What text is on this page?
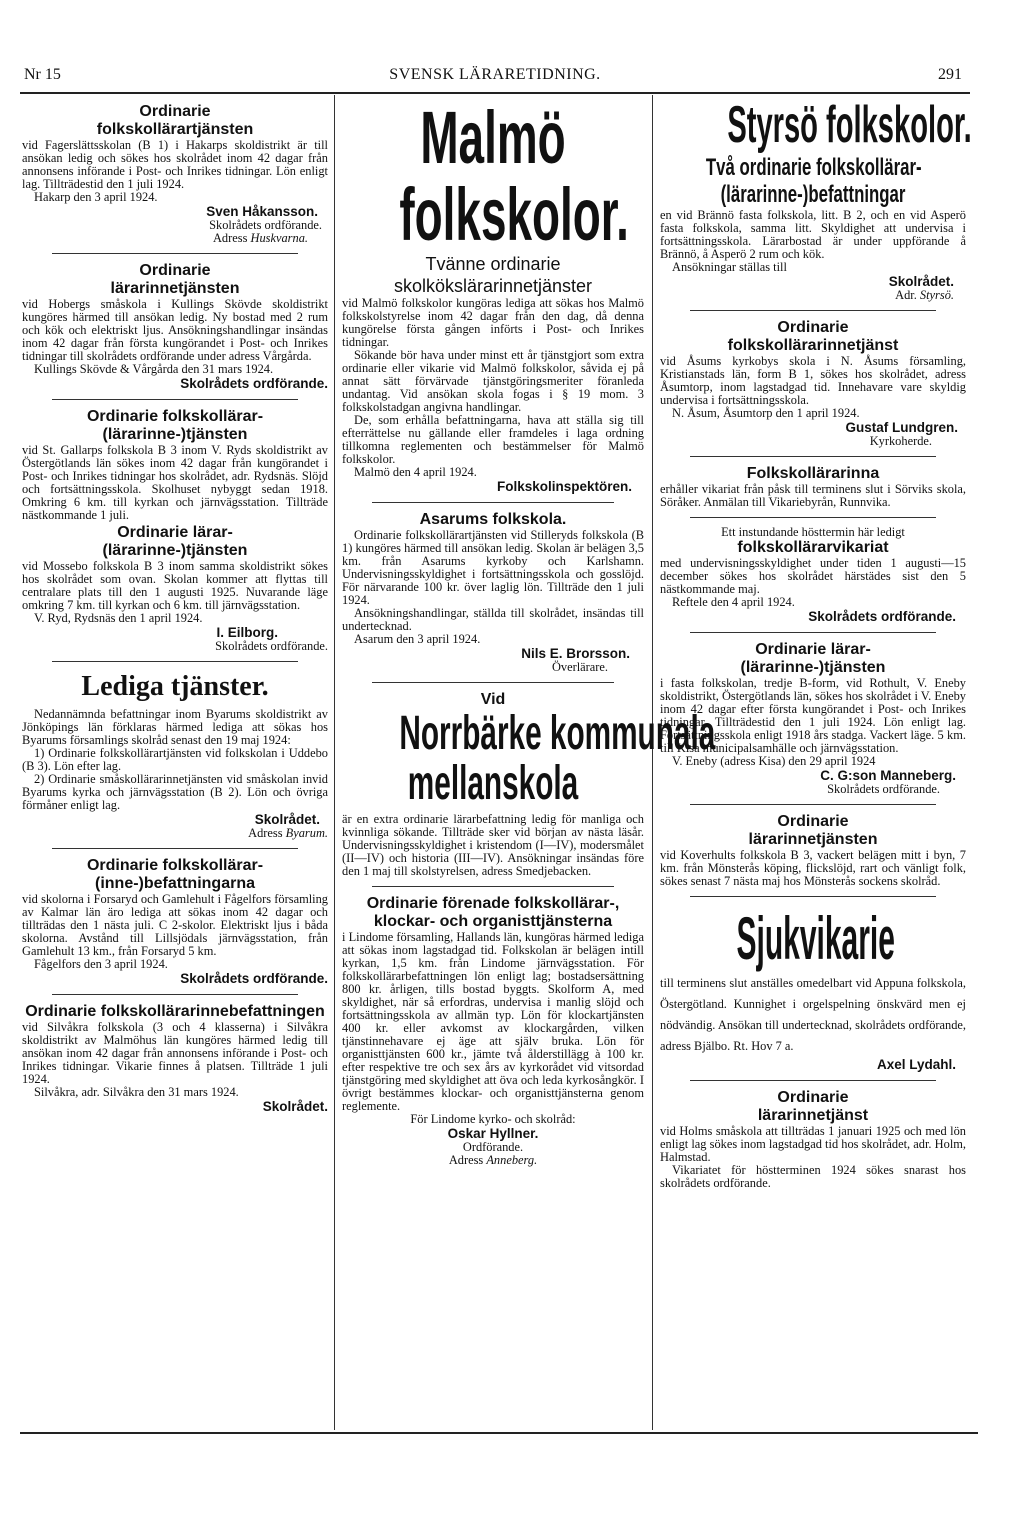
Nr 15	SVENSK LÄRARETIDNING.	291
Ordinarie folkskollärartjänsten

vid Fagerslättsskolan (B 1) i Hakarps skoldistrikt är till ansökan ledig och sökes hos skolrådet inom 42 dagar från annonsens införande i Post- och Inrikes tidningar. Lön enligt lag. Tillträdestid den 1 juli 1924.

Hakarp den 3 april 1924.

Sven Håkansson.
Skolrådets ordförande.
Adress Huskvarna.
Ordinarie lärarinnetjänsten

vid Hobergs småskola i Kullings Skövde skoldistrikt kungöres härmed till ansökan ledig. Ny bostad med 2 rum och kök och elektriskt ljus. Ansökningshandlingar insändas inom 42 dagar från första kungörandet i Post- och Inrikes tidningar till skolrådets ordförande under adress Vårgårda.

Kullings Skövde & Vårgårda den 31 mars 1924.

Skolrådets ordförande.
Ordinarie folkskollärar-(lärarinne-)tjänsten

vid St. Gallarps folkskola B 3 inom V. Ryds skoldistrikt av Östergötlands län sökes inom 42 dagar från kungörandet i Post- och Inrikes tidningar hos skolrådet, adr. Rydsnäs. Slöjd och fortsättningsskola. Skolhuset nybyggt sedan 1918. Omkring 6 km. till kyrkan och järnvägsstation. Tillträde nästkommande 1 juli.

Ordinarie lärar-(lärarinne-)tjänsten

vid Mossebo folkskola B 3 inom samma skoldistrikt sökes hos skolrådet som ovan. Skolan kommer att flyttas till centralare plats till den 1 augusti 1925. Nuvarande läge omkring 7 km. till kyrkan och 6 km. till järnvägsstation.

V. Ryd, Rydsnäs den 1 april 1924.

I. Eilborg.
Skolrådets ordförande.
Lediga tjänster.

Nedannämnda befattningar inom Byarums skoldistrikt av Jönköpings län förklaras härmed lediga att sökas hos Byarums församlings skolråd senast den 19 maj 1924:

1) Ordinarie folkskollärartjänsten vid folkskolan i Uddebo (B 3). Lön efter lag.

2) Ordinarie småskollärarinnetjänsten vid småskolan invid Byarums kyrka och järnvägsstation (B 2). Lön och övriga förmåner enligt lag.

Skolrådet.
Adress Byarum.
Ordinarie folkskollärar-(inne-)befattningarna

vid skolorna i Forsaryd och Gamlehult i Fågelfors församling av Kalmar län äro lediga att sökas inom 42 dagar och tillträdas den 1 nästa juli. C 2-skolor. Elektriskt ljus i båda skolorna. Avstånd till Lillsjödals järnvägsstation, från Gamlehult 13 km., från Forsaryd 5 km.

Fågelfors den 3 april 1924.

Skolrådets ordförande.
Ordinarie folkskollärarinnebefattningen

vid Silvåkra folkskola (3 och 4 klasserna) i Silvåkra skoldistrikt av Malmöhus län kungöres härmed ledig till ansökan inom 42 dagar från annonsens införande i Post- och Inrikes tidningar. Vikarie finnes å platsen. Tillträde 1 juli 1924.

Silvåkra, adr. Silvåkra den 31 mars 1924.

Skolrådet.
Malmö
folkskolor.
Tvänne ordinarie skolkökslärarinnetjänster

vid Malmö folkskolor kungöras lediga att sökas hos Malmö folkskolstyrelse inom 42 dagar från den dag, då denna kungörelse första gången införts i Post- och Inrikes tidningar.

Sökande bör hava under minst ett år tjänstgjort som extra ordinarie eller vikarie vid Malmö folkskolor, såvida ej på annat sätt förvärvade tjänstgöringsmeriter föranleda undantag. Vid ansökan skola fogas i § 19 mom. 3 folkskolstadgan angivna handlingar.

De, som erhålla befattningarna, hava att ställa sig till efterrättelse nu gällande eller framdeles i laga ordning tillkomna reglementen och bestämmelser för Malmö folkskolor.

Malmö den 4 april 1924.

Folkskolinspektören.
Asarums folkskola.

Ordinarie folkskollärartjänsten vid Stilleryds folkskola (B 1) kungöres härmed till ansökan ledig. Skolan är belägen 3,5 km. från Asarums kyrkoby och Karlshamn. Undervisningsskyldighet i fortsättningsskola och gosslöjd. För närvarande 100 kr. över laglig lön. Tillträde den 1 juli 1924.

Ansökningshandlingar, ställda till skolrådet, insändas till undertecknad.

Asarum den 3 april 1924.

Nils E. Brorsson.
Överlärare.
Vid
Norrbärke kommunala
mellanskola

är en extra ordinarie lärarbefattning ledig för manliga och kvinnliga sökande. Tillträde sker vid början av nästa läsår. Undervisningsskyldighet i kristendom (I—IV), modersmålet (II—IV) och historia (III—IV). Ansökningar insändas före den 1 maj till skolstyrelsen, adress Smedjebacken.

Ordinarie förenade folkskollärar-, klockar- och organisttjänsterna

i Lindome församling, Hallands län, kungöras härmed lediga att sökas inom lagstadgad tid. Folkskolan är belägen intill kyrkan, 1,5 km. från Lindome järnvägsstation. För folkskollärarbefattningen lön enligt lag; bostadsersättning 800 kr. årligen, tills bostad byggts. Skolform A, med skyldighet, när så erfordras, undervisa i manlig slöjd och fortsättningsskola av allmän typ. Lön för klockartjänsten 400 kr. eller avkomst av klockargården, vilken tjänstinnehavare ej äge att själv bruka. Lön för organisttjänsten 600 kr., jämte två ålderstillägg à 100 kr. efter respektive tre och sex års av kyrkorådet vid vitsordad tjänstgöring med skyldighet att öva och leda kyrkosångkör. I övrigt bestämmes klockar- och organisttjänsterna genom reglemente.

För Lindome kyrko- och skolråd:
Oskar Hyllner.
Ordförande.
Adress Anneberg.
Styrsö folkskolor.
Två ordinarie folkskollärar-
(lärarinne-)befattningar

en vid Brännö fasta folkskola, litt. B 2, och en vid Asperö fasta folkskola, samma litt. Skyldighet att undervisa i fortsättningsskola. Lärarbostad är under uppförande å Brännö, å Asperö 2 rum och kök.

Ansökningar ställas till

Skolrådet.
Adr. Styrsö.
Ordinarie folkskollärarinnetjänst

vid Åsums kyrkobys skola i N. Åsums församling, Kristianstads län, form B 1, sökes hos skolrådet, adress Åsumtorp, inom lagstadgad tid. Innehavare vare skyldig undervisa i fortsättningsskola.

N. Åsum, Åsumtorp den 1 april 1924.

Gustaf Lundgren.
Kyrkoherde.
Folkskollärarinna

erhåller vikariat från påsk till terminens slut i Sörviks skola, Söråker. Anmälan till Vikariebyrån, Runnvika.

Ett instundande hösttermin här ledigt
folkskollärarvikariat

med undervisningsskyldighet under tiden 1 augusti—15 december sökes hos skolrådet härstädes sist den 5 nästkommande maj.

Reftele den 4 april 1924.

Skolrådets ordförande.
Ordinarie lärar-(lärarinne-)tjänsten

i fasta folkskolan, tredje B-form, vid Rothult, V. Eneby skoldistrikt, Östergötlands län, sökes hos skolrådet i V. Eneby inom 42 dagar efter första kungörandet i Post- och Inrikes tidningar. Tillträdestid den 1 juli 1924. Lön enligt lag. Fortsättningsskola enligt 1918 års stadga. Vackert läge. 5 km. till Kisa municipalsamhälle och järnvägsstation.

V. Eneby (adress Kisa) den 29 april 1924

C. G:son Manneberg.
Skolrådets ordförande.
Ordinarie lärarinnetjänsten

vid Koverhults folkskola B 3, vackert belägen mitt i byn, 7 km. från Mönsterås köping, flickslöjd, rart och vänligt folk, sökes senast 7 nästa maj hos Mönsterås sockens skolråd.

Sjukvikarie

till terminens slut anställes omedelbart vid Appuna folkskola, Östergötland. Kunnighet i orgelspelning önskvärd men ej nödvändig. Ansökan till undertecknad, skolrådets ordförande, adress Bjälbo. Rt. Hov 7 a.

Axel Lydahl.
Ordinarie lärarinnetjänst

vid Holms småskola att tillträdas 1 januari 1925 och med lön enligt lag sökes inom lagstadgad tid hos skolrådet, adr. Holm, Halmstad.

Vikariatet för höstterminen 1924 sökes snarast hos skolrådets ordförande.
